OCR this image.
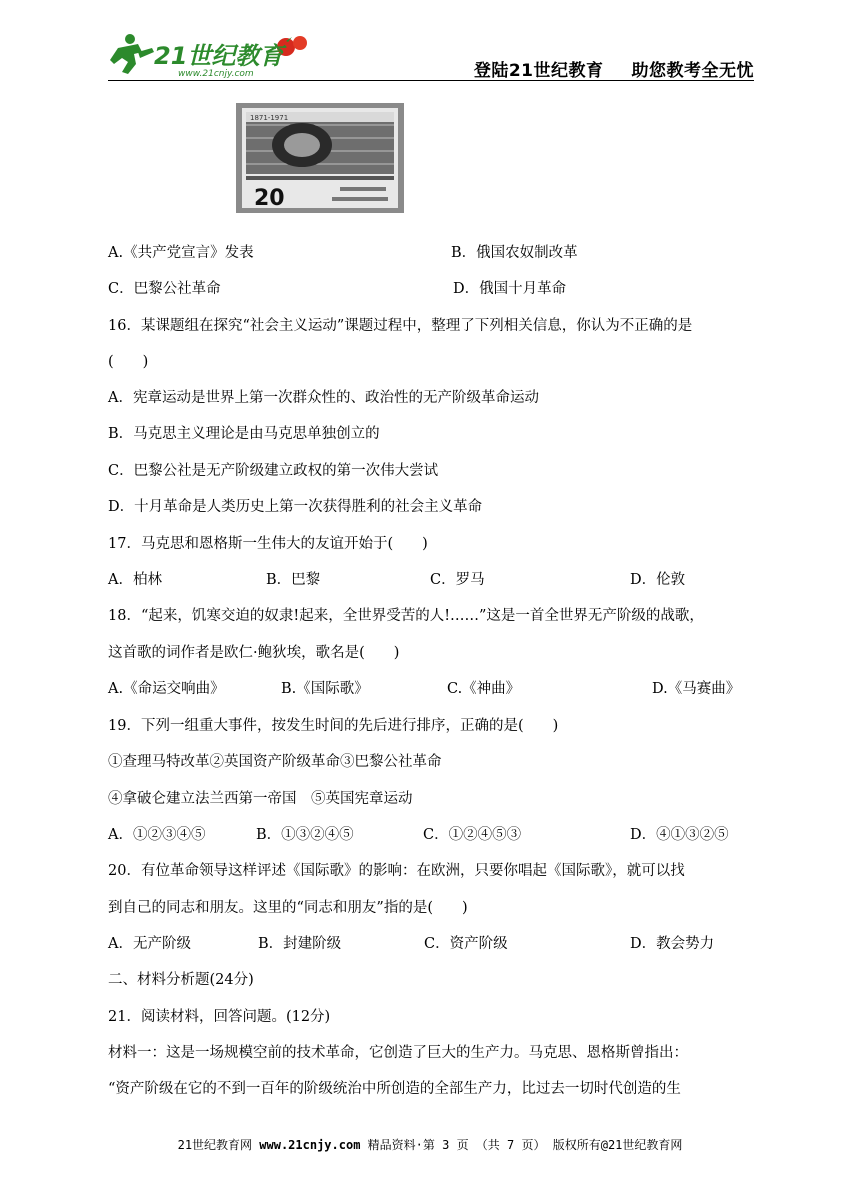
21世纪教育
www.21cnjy.com	登陆21世纪教育 助您教考全无忧
1871-1971
20
A.《共产党宣言》发表	B．俄国农奴制改革
C．巴黎公社革命	D．俄国十月革命
16．某课题组在探究“社会主义运动”课题过程中，整理了下列相关信息，你认为不正确的是
(　　)
A．宪章运动是世界上第一次群众性的、政治性的无产阶级革命运动
B．马克思主义理论是由马克思单独创立的
C．巴黎公社是无产阶级建立政权的第一次伟大尝试
D．十月革命是人类历史上第一次获得胜利的社会主义革命
17．马克思和恩格斯一生伟大的友谊开始于(　　)
A．柏林	B．巴黎	C．罗马	D．伦敦
18．“起来，饥寒交迫的奴隶!起来，全世界受苦的人!……”这是一首全世界无产阶级的战歌，
这首歌的词作者是欧仁·鲍狄埃，歌名是(　　)
A.《命运交响曲》	B.《国际歌》	C.《神曲》	D.《马赛曲》
19．下列一组重大事件，按发生时间的先后进行排序，正确的是(　　)
①查理马特改革②英国资产阶级革命③巴黎公社革命
④拿破仑建立法兰西第一帝国　⑤英国宪章运动
A．①②③④⑤	B．①③②④⑤	C．①②④⑤③	D．④①③②⑤
20．有位革命领导这样评述《国际歌》的影响：在欧洲，只要你唱起《国际歌》，就可以找
到自己的同志和朋友。这里的“同志和朋友”指的是(　　)
A．无产阶级	B．封建阶级	C．资产阶级	D．教会势力
二、材料分析题(24分)
21．阅读材料，回答问题。(12分)
材料一：这是一场规模空前的技术革命，它创造了巨大的生产力。马克思、恩格斯曾指出：
“资产阶级在它的不到一百年的阶级统治中所创造的全部生产力，比过去一切时代创造的生
21世纪教育网 www.21cnjy.com 精品资料·第 3 页 （共 7 页） 版权所有@21世纪教育网
